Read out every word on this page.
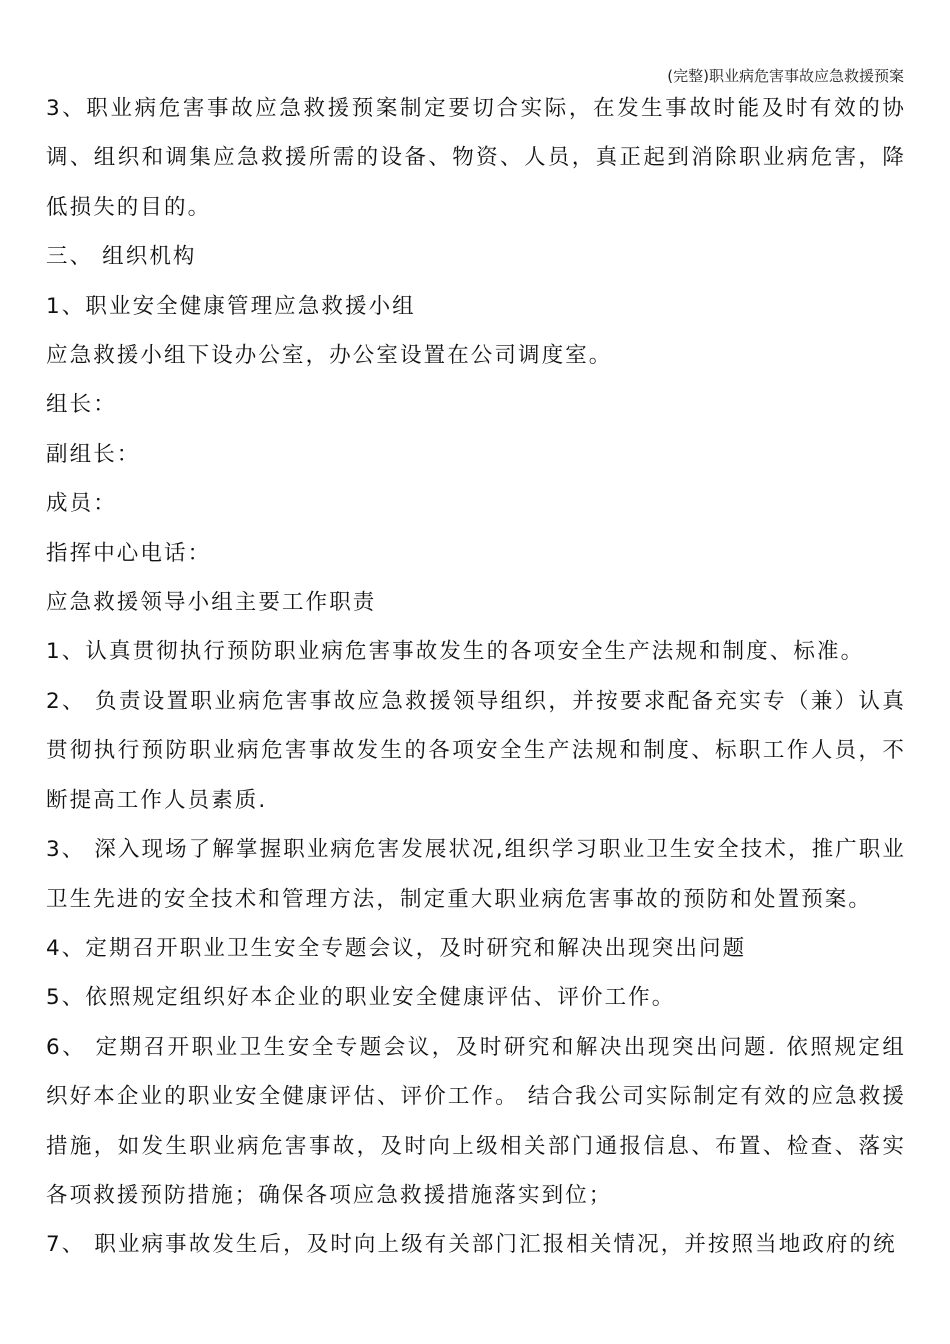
(完整)职业病危害事故应急救援预案

3、职业病危害事故应急救援预案制定要切合实际，在发生事故时能及时有效的协调、组织和调集应急救援所需的设备、物资、人员，真正起到消除职业病危害，降低损失的目的。

三、 组织机构

1、职业安全健康管理应急救援小组

应急救援小组下设办公室，办公室设置在公司调度室。

组长：

副组长：

成员：

指挥中心电话：

应急救援领导小组主要工作职责

1、认真贯彻执行预防职业病危害事故发生的各项安全生产法规和制度、标准。

2、 负责设置职业病危害事故应急救援领导组织，并按要求配备充实专（兼）认真贯彻执行预防职业病危害事故发生的各项安全生产法规和制度、标职工作人员，不断提高工作人员素质.

3、 深入现场了解掌握职业病危害发展状况,组织学习职业卫生安全技术，推广职业卫生先进的安全技术和管理方法，制定重大职业病危害事故的预防和处置预案。

4、定期召开职业卫生安全专题会议，及时研究和解决出现突出问题

5、依照规定组织好本企业的职业安全健康评估、评价工作。

6、 定期召开职业卫生安全专题会议，及时研究和解决出现突出问题. 依照规定组织好本企业的职业安全健康评估、评价工作。 结合我公司实际制定有效的应急救援措施，如发生职业病危害事故，及时向上级相关部门通报信息、布置、检查、落实各项救援预防措施；确保各项应急救援措施落实到位；

7、 职业病事故发生后，及时向上级有关部门汇报相关情况，并按照当地政府的统
